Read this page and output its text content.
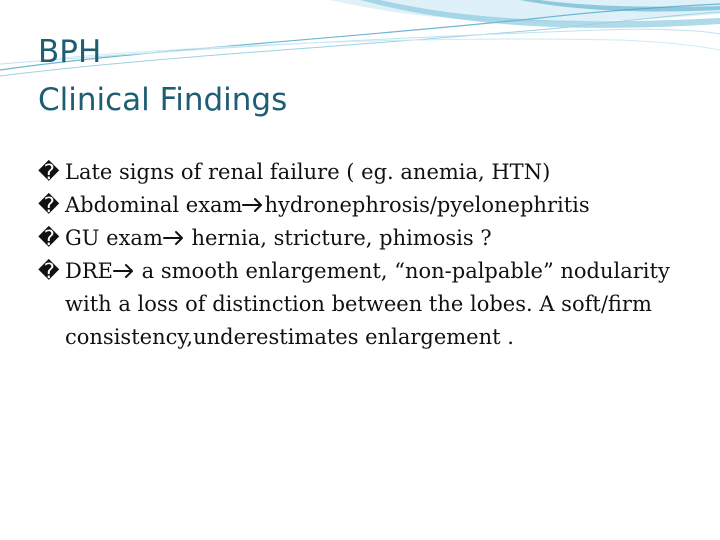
BPH
Clinical Findings
� Late signs of renal failure ( eg. anemia, HTN)
� Abdominal exam hydronephrosis/pyelonephritis
� GU exam hernia, stricture, phimosis ?
� DRE a smooth enlargement, “non-palpable” nodularity with a loss of distinction between the lobes. A soft/firm consistency,underestimates enlargement .
